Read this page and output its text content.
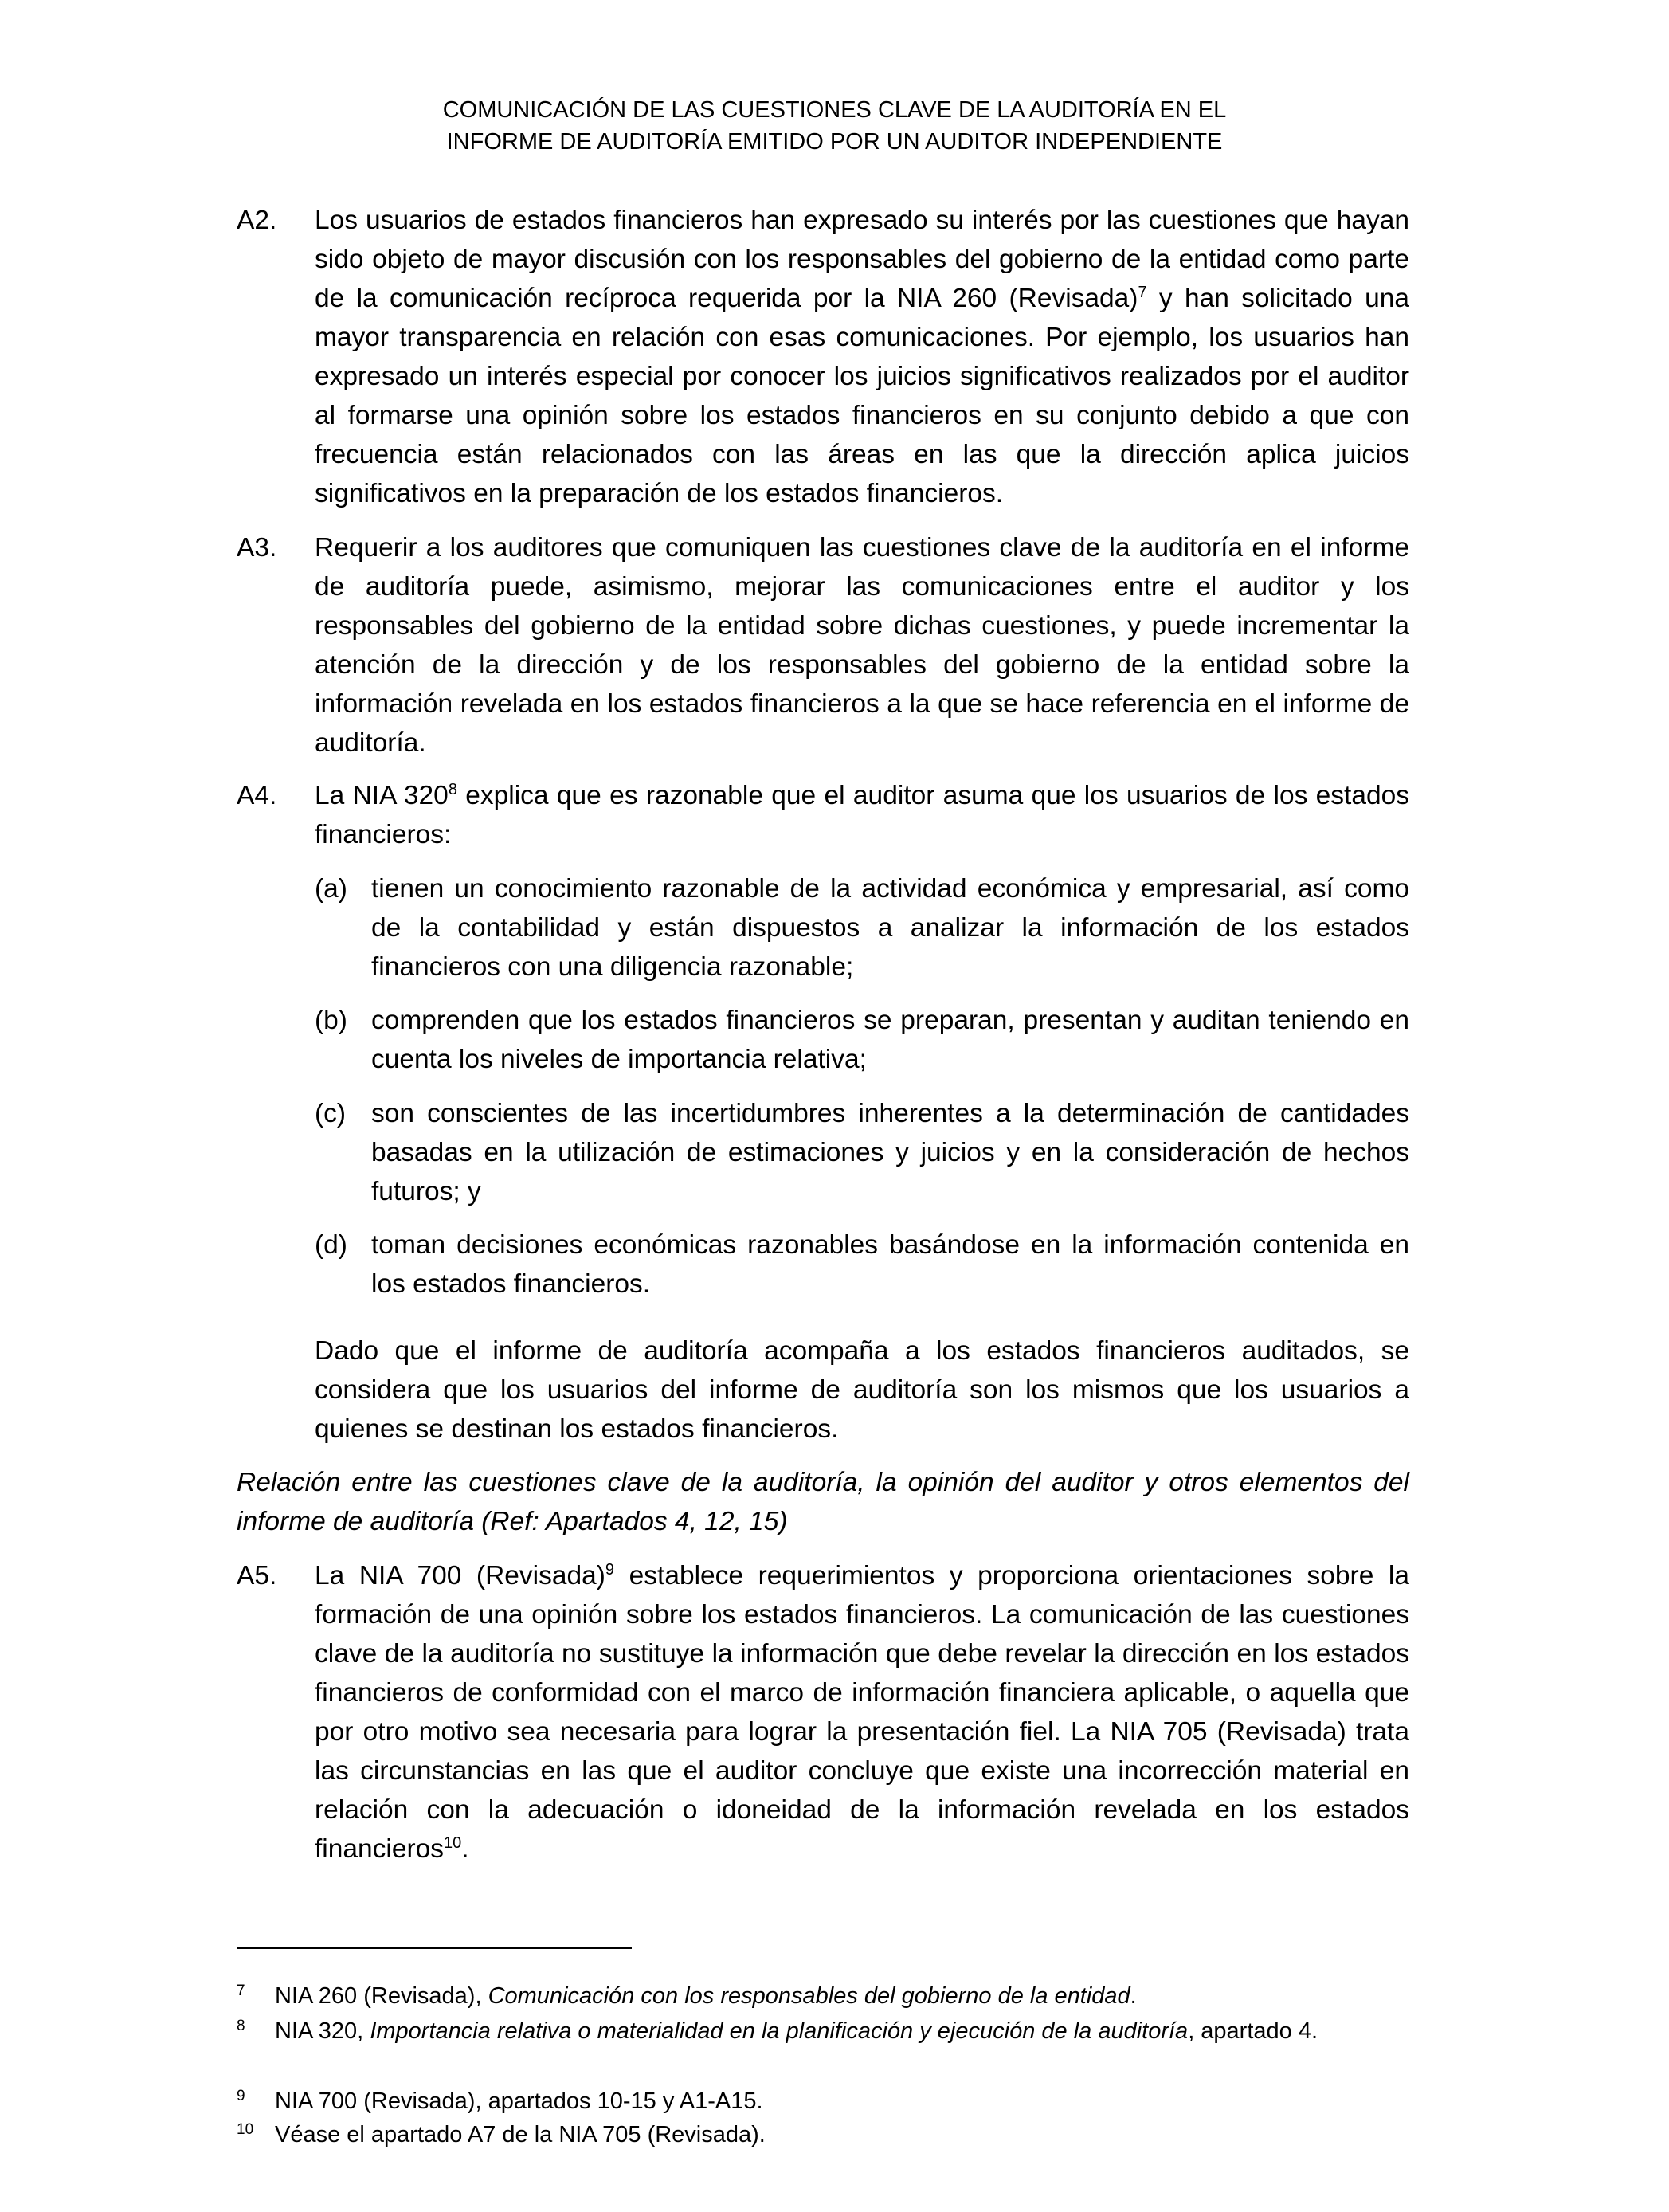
COMUNICACIÓN DE LAS CUESTIONES CLAVE DE LA AUDITORÍA EN EL
INFORME DE AUDITORÍA EMITIDO POR UN AUDITOR INDEPENDIENTE
A2. Los usuarios de estados financieros han expresado su interés por las cuestiones que hayan sido objeto de mayor discusión con los responsables del gobierno de la entidad como parte de la comunicación recíproca requerida por la NIA 260 (Revisada)$^7$ y han solicitado una mayor transparencia en relación con esas comunicaciones. Por ejemplo, los usuarios han expresado un interés especial por conocer los juicios significativos realizados por el auditor al formarse una opinión sobre los estados financieros en su conjunto debido a que con frecuencia están relacionados con las áreas en las que la dirección aplica juicios significativos en la preparación de los estados financieros.
A3. Requerir a los auditores que comuniquen las cuestiones clave de la auditoría en el informe de auditoría puede, asimismo, mejorar las comunicaciones entre el auditor y los responsables del gobierno de la entidad sobre dichas cuestiones, y puede incrementar la atención de la dirección y de los responsables del gobierno de la entidad sobre la información revelada en los estados financieros a la que se hace referencia en el informe de auditoría.
A4. La NIA $320^8$ explica que es razonable que el auditor asuma que los usuarios de los estados financieros:
(a) tienen un conocimiento razonable de la actividad económica y empresarial, así como de la contabilidad y están dispuestos a analizar la información de los estados financieros con una diligencia razonable;
(b) comprenden que los estados financieros se preparan, presentan y auditan teniendo en cuenta los niveles de importancia relativa;
(c) son conscientes de las incertidumbres inherentes a la determinación de cantidades basadas en la utilización de estimaciones y juicios y en la consideración de hechos futuros; y
(d) toman decisiones económicas razonables basándose en la información contenida en los estados financieros.
Dado que el informe de auditoría acompaña a los estados financieros auditados, se considera que los usuarios del informe de auditoría son los mismos que los usuarios a quienes se destinan los estados financieros.
Relación entre las cuestiones clave de la auditoría, la opinión del auditor y otros elementos del informe de auditoría (Ref: Apartados 4, 12, 15)
A5. La NIA 700 (Revisada)$^9$ establece requerimientos y proporciona orientaciones sobre la formación de una opinión sobre los estados financieros. La comunicación de las cuestiones clave de la auditoría no sustituye la información que debe revelar la dirección en los estados financieros de conformidad con el marco de información financiera aplicable, o aquella que por otro motivo sea necesaria para lograr la presentación fiel. La NIA 705 (Revisada) trata las circunstancias en las que el auditor concluye que existe una incorrección material en relación con la adecuación o idoneidad de la información revelada en los estados financieros$^{10}$.
7 NIA 260 (Revisada), Comunicación con los responsables del gobierno de la entidad.
8 NIA 320, Importancia relativa o materialidad en la planificación y ejecución de la auditoría, apartado 4.
9 NIA 700 (Revisada), apartados 10-15 y A1-A15.
10 Véase el apartado A7 de la NIA 705 (Revisada).
